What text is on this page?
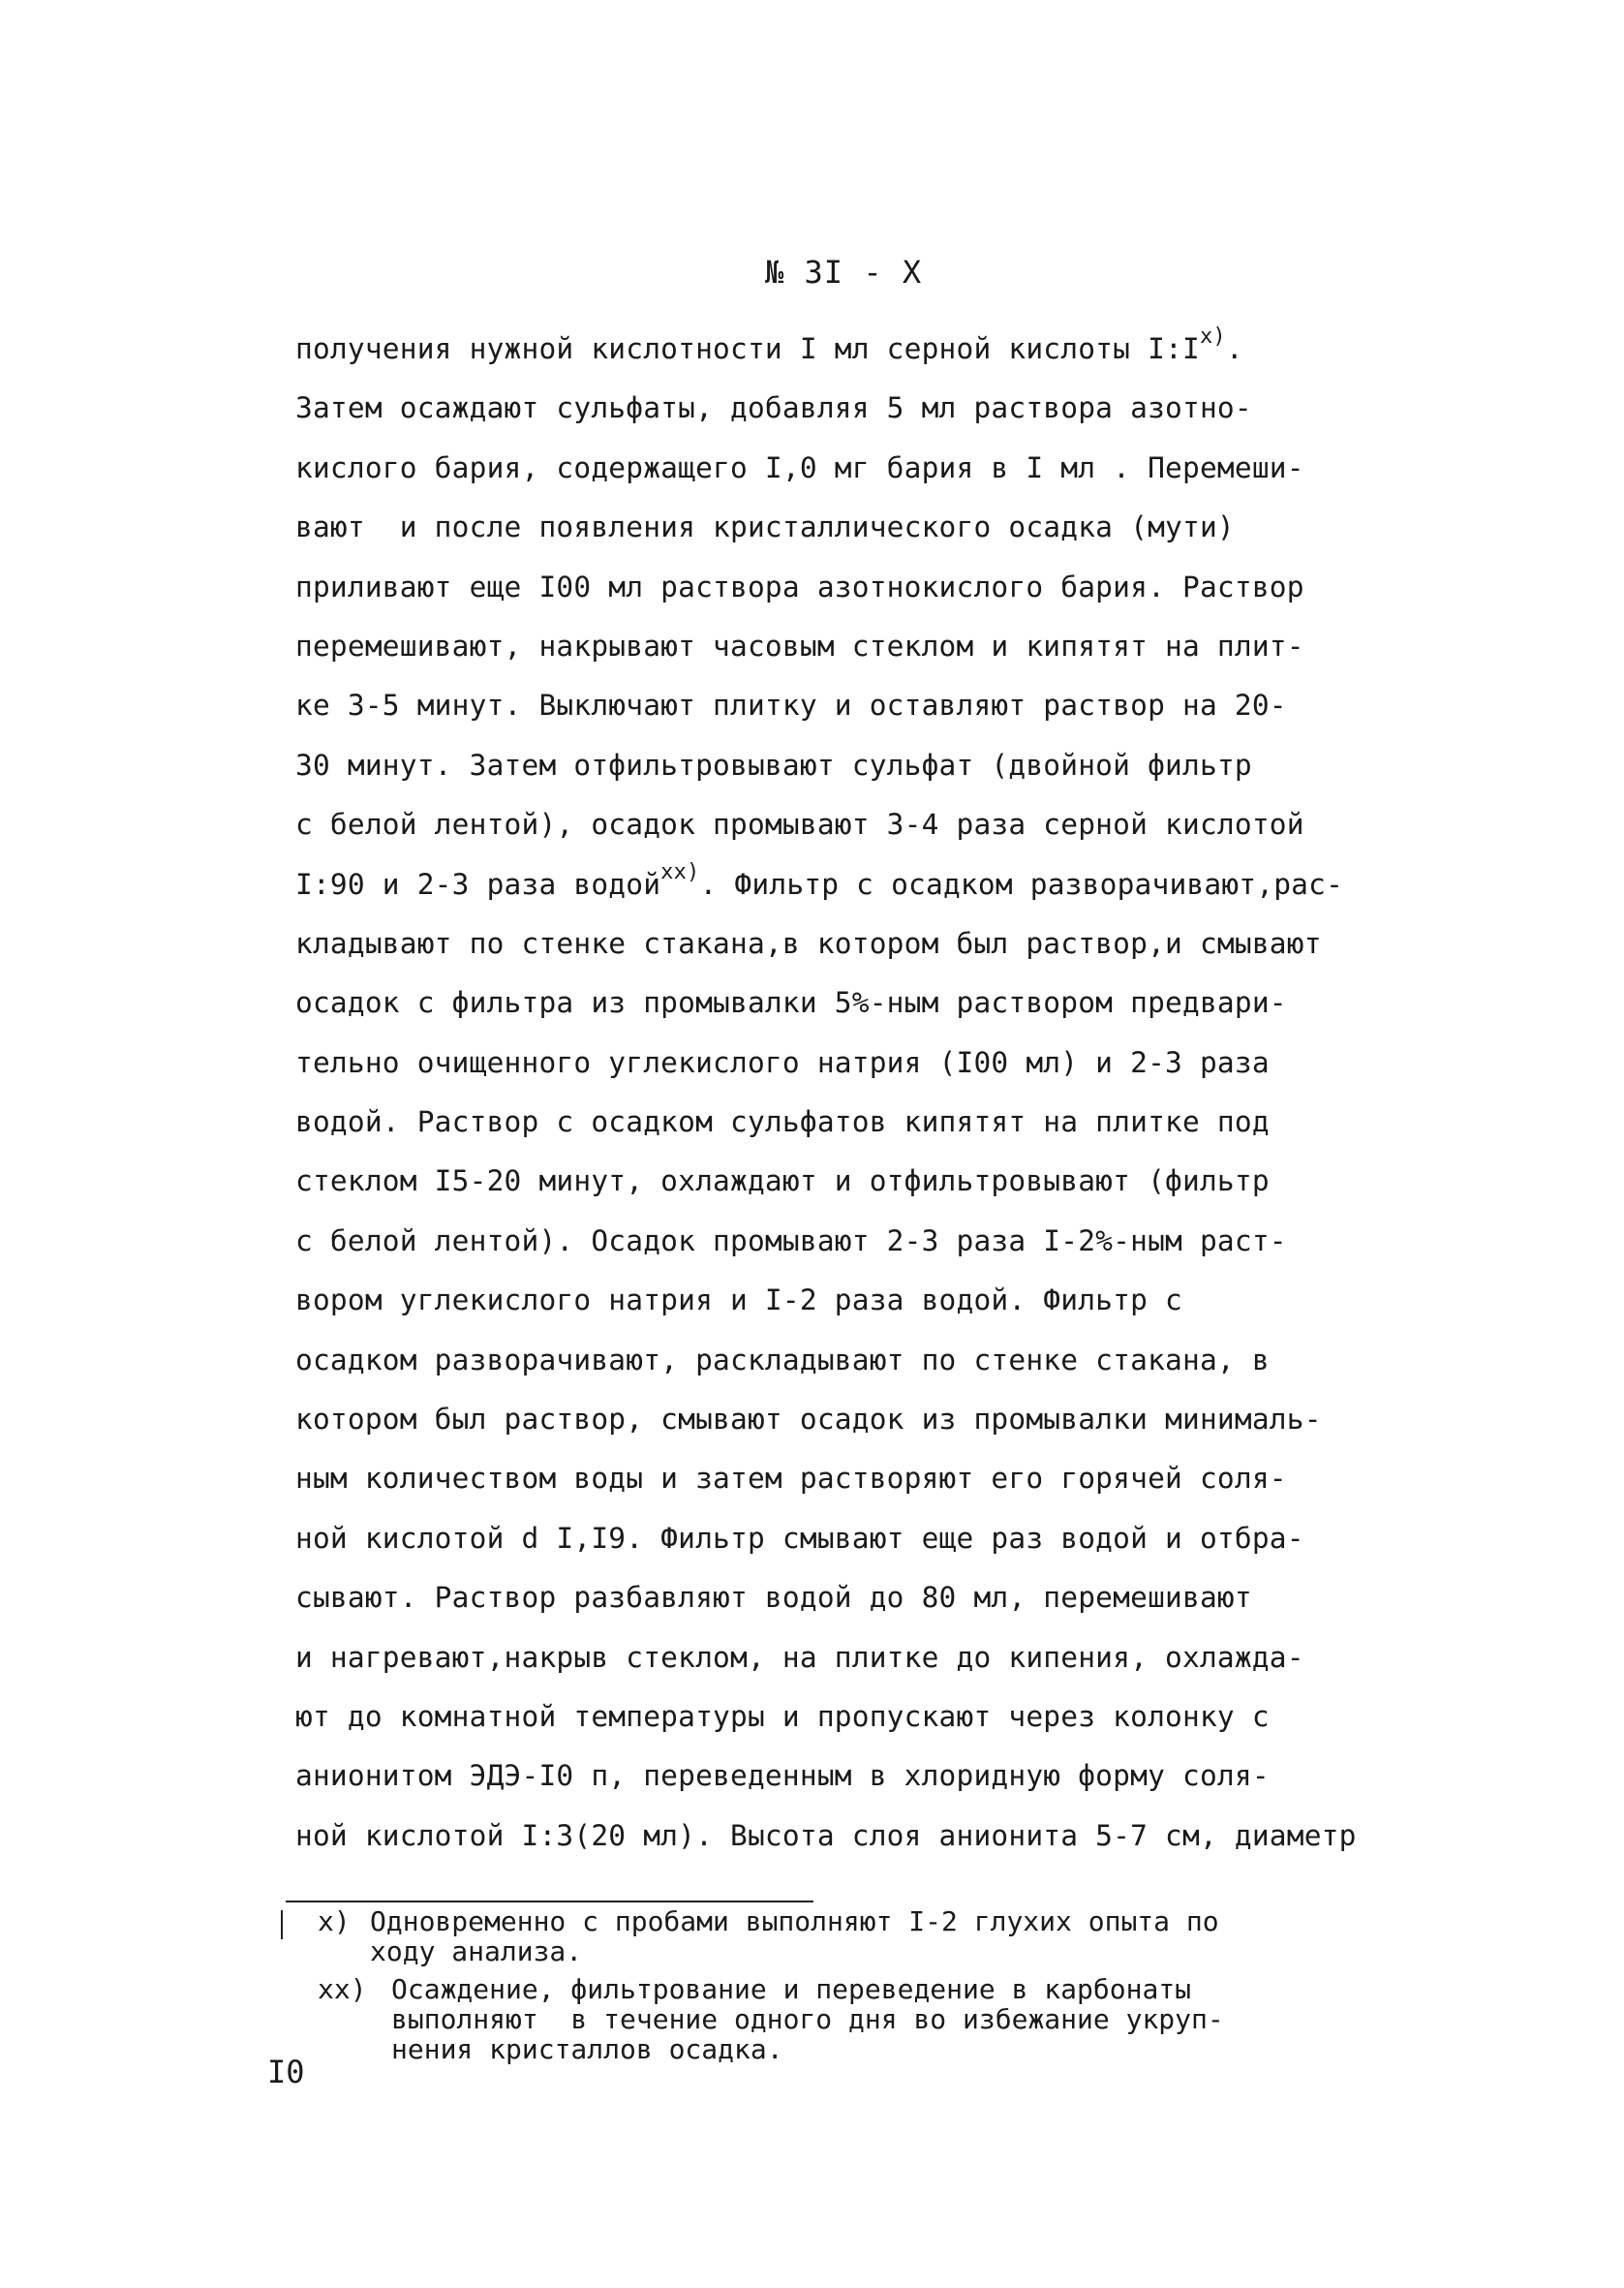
№ 3I - X
получения нужной кислотности I мл серной кислоты $I:I^{x)}$.
Затем осаждают сульфаты, добавляя 5 мл раствора азотно-
кислого бария, содержащего I,0 мг бария в I мл . Перемеши-
вают  и после появления кристаллического осадка (мути)
приливают еще I00 мл раствора азотнокислого бария. Раствор
перемешивают, накрывают часовым стеклом и кипятят на плит-
ке 3-5 минут. Выключают плитку и оставляют раствор на 20-
30 минут. Затем отфильтровывают сульфат (двойной фильтр
с белой лентой), осадок промывают 3-4 раза серной кислотой
I:90 и 2-3 раза водой$^{xx)}$. Фильтр с осадком разворачивают,рас-
кладывают по стенке стакана,в котором был раствор,и смывают
осадок с фильтра из промывалки 5%-ным раствором предвари-
тельно очищенного углекислого натрия (I00 мл) и 2-3 раза
водой. Раствор с осадком сульфатов кипятят на плитке под
стеклом I5-20 минут, охлаждают и отфильтровывают (фильтр
с белой лентой). Осадок промывают 2-3 раза I-2%-ным раст-
вором углекислого натрия и I-2 раза водой. Фильтр с
осадком разворачивают, раскладывают по стенке стакана, в
котором был раствор, смывают осадок из промывалки минималь-
ным количеством воды и затем растворяют его горячей соля-
ной кислотой d I,I9. Фильтр смывают еще раз водой и отбра-
сывают. Раствор разбавляют водой до 80 мл, перемешивают
и нагревают,накрыв стеклом, на плитке до кипения, охлажда-
ют до комнатной температуры и пропускают через колонку с
анионитом ЭДЭ-I0 п, переведенным в хлоридную форму соля-
ной кислотой I:3(20 мл). Высота слоя анионита 5-7 см, диаметр
x) Одновременно с пробами выполняют I-2 глухих опыта по
ходу анализа.
xx) Осаждение, фильтрование и переведение в карбонаты
выполняют  в течение одного дня во избежание укруп-
нения кристаллов осадка.
I0
